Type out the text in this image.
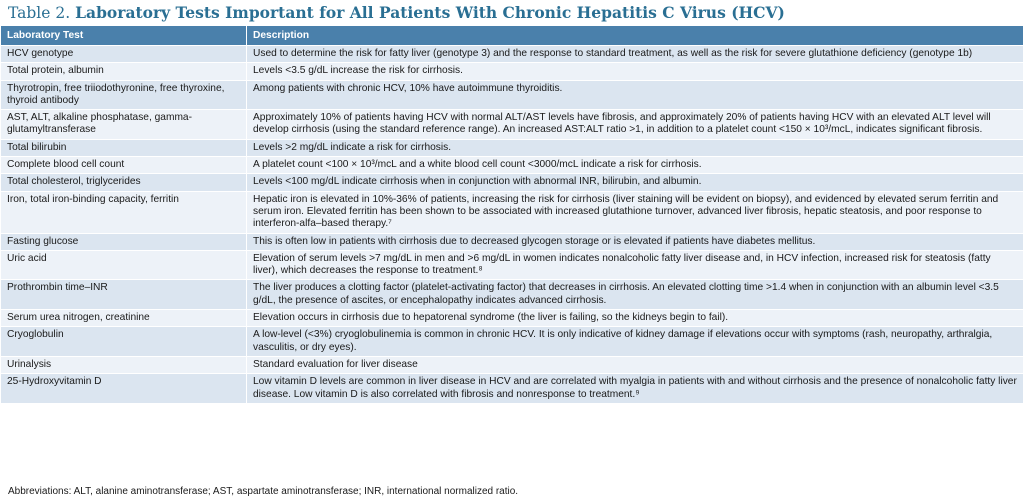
Table 2. Laboratory Tests Important for All Patients With Chronic Hepatitis C Virus (HCV)
Laboratory Test	Description
HCV genotype	Used to determine the risk for fatty liver (genotype 3) and the response to standard treatment, as well as the risk for severe glutathione deficiency (genotype 1b)
Total protein, albumin	Levels <3.5 g/dL increase the risk for cirrhosis.
Thyrotropin, free triiodothyronine, free thyroxine, thyroid antibody	Among patients with chronic HCV, 10% have autoimmune thyroiditis.
AST, ALT, alkaline phosphatase, gamma-glutamyltransferase	Approximately 10% of patients having HCV with normal ALT/AST levels have fibrosis, and approximately 20% of patients having HCV with an elevated ALT level will develop cirrhosis (using the standard reference range). An increased AST:ALT ratio >1, in addition to a platelet count <150 × 10³/mcL, indicates significant fibrosis.
Total bilirubin	Levels >2 mg/dL indicate a risk for cirrhosis.
Complete blood cell count	A platelet count <100 × 10³/mcL and a white blood cell count <3000/mcL indicate a risk for cirrhosis.
Total cholesterol, triglycerides	Levels <100 mg/dL indicate cirrhosis when in conjunction with abnormal INR, bilirubin, and albumin.
Iron, total iron-binding capacity, ferritin	Hepatic iron is elevated in 10%-36% of patients, increasing the risk for cirrhosis (liver staining will be evident on biopsy), and evidenced by elevated serum ferritin and serum iron. Elevated ferritin has been shown to be associated with increased glutathione turnover, advanced liver fibrosis, hepatic steatosis, and poor response to interferon-alfa–based therapy.⁷
Fasting glucose	This is often low in patients with cirrhosis due to decreased glycogen storage or is elevated if patients have diabetes mellitus.
Uric acid	Elevation of serum levels >7 mg/dL in men and >6 mg/dL in women indicates nonalcoholic fatty liver disease and, in HCV infection, increased risk for steatosis (fatty liver), which decreases the response to treatment.⁸
Prothrombin time–INR	The liver produces a clotting factor (platelet-activating factor) that decreases in cirrhosis. An elevated clotting time >1.4 when in conjunction with an albumin level <3.5 g/dL, the presence of ascites, or encephalopathy indicates advanced cirrhosis.
Serum urea nitrogen, creatinine	Elevation occurs in cirrhosis due to hepatorenal syndrome (the liver is failing, so the kidneys begin to fail).
Cryoglobulin	A low-level (<3%) cryoglobulinemia is common in chronic HCV. It is only indicative of kidney damage if elevations occur with symptoms (rash, neuropathy, arthralgia, vasculitis, or dry eyes).
Urinalysis	Standard evaluation for liver disease
25-Hydroxyvitamin D	Low vitamin D levels are common in liver disease in HCV and are correlated with myalgia in patients with and without cirrhosis and the presence of nonalcoholic fatty liver disease. Low vitamin D is also correlated with fibrosis and nonresponse to treatment.⁹
Abbreviations: ALT, alanine aminotransferase; AST, aspartate aminotransferase; INR, international normalized ratio.
